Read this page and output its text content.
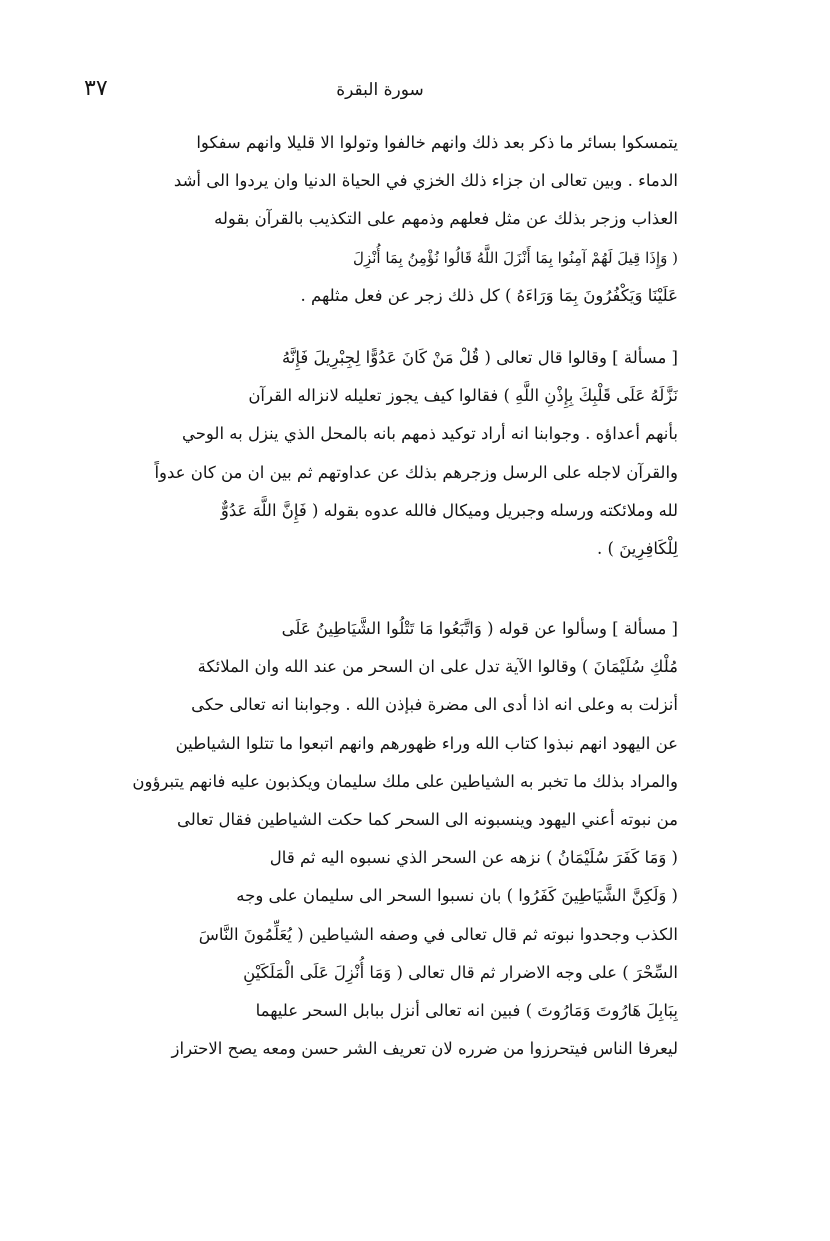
٣٧	سورة البقرة
يتمسكوا بسائر ما ذكر بعد ذلك وانهم خالفوا وتولوا الا قليلا وانهم سفكوا
الدماء . وبين تعالى ان جزاء ذلك الخزي في الحياة الدنيا وان يردوا الى أشد
العذاب وزجر بذلك عن مثل فعلهم وذمهم على التكذيب بالقرآن بقوله
( وَإِذَا قِيلَ لَهُمْ آمِنُوا بِمَا أَنْزَلَ اللَّهُ قَالُوا نُؤْمِنُ بِمَا أُنْزِلَ
عَلَيْنَا وَيَكْفُرُونَ بِمَا وَرَاءَهُ ) كل ذلك زجر عن فعل مثلهم .
[ مسألة ] وقالوا قال تعالى ( قُلْ مَنْ كَانَ عَدُوًّا لِجِبْرِيلَ فَإِنَّهُ
نَزَّلَهُ عَلَى قَلْبِكَ بِإِذْنِ اللَّهِ ) فقالوا كيف يجوز تعليله لانزاله القرآن
بأنهم أعداؤه . وجوابنا انه أراد توكيد ذمهم بانه بالمحل الذي ينزل به الوحي
والقرآن لاجله على الرسل وزجرهم بذلك عن عداوتهم ثم بين ان من كان عدواً
لله وملائكته ورسله وجبريل وميكال فالله عدوه بقوله ( فَإِنَّ اللَّهَ عَدُوٌّ
لِلْكَافِرِينَ ) .
[ مسألة ] وسألوا عن قوله ( وَاتَّبَعُوا مَا تَتْلُوا الشَّيَاطِينُ عَلَى
مُلْكِ سُلَيْمَانَ ) وقالوا الآية تدل على ان السحر من عند الله وان الملائكة
أنزلت به وعلى انه اذا أدى الى مضرة فبإذن الله . وجوابنا انه تعالى حكى
عن اليهود انهم نبذوا كتاب الله وراء ظهورهم وانهم اتبعوا ما تتلوا الشياطين
والمراد بذلك ما تخبر به الشياطين على ملك سليمان ويكذبون عليه فانهم يتبرؤون
من نبوته أعني اليهود وينسبونه الى السحر كما حكت الشياطين فقال تعالى
( وَمَا كَفَرَ سُلَيْمَانُ ) نزهه عن السحر الذي نسبوه اليه ثم قال
( وَلَكِنَّ الشَّيَاطِينَ كَفَرُوا ) بان نسبوا السحر الى سليمان على وجه
الكذب وجحدوا نبوته ثم قال تعالى في وصفه الشياطين ( يُعَلِّمُونَ النَّاسَ
السِّحْرَ ) على وجه الاضرار ثم قال تعالى ( وَمَا أُنْزِلَ عَلَى الْمَلَكَيْنِ
بِبَابِلَ هَارُوتَ وَمَارُوتَ ) فبين انه تعالى أنزل ببابل السحر عليهما
ليعرفا الناس فيتحرزوا من ضرره لان تعريف الشر حسن ومعه يصح الاحتراز
